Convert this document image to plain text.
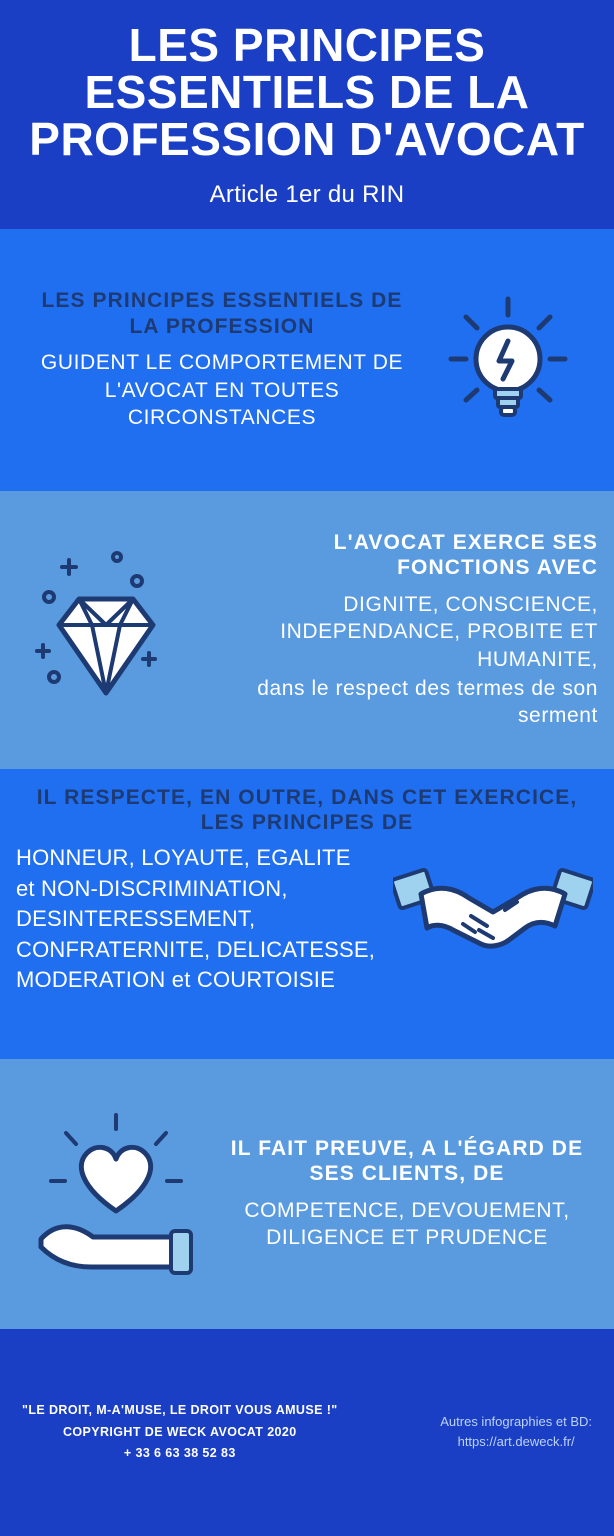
LES PRINCIPES ESSENTIELS DE LA PROFESSION D'AVOCAT
Article 1er du RIN
LES PRINCIPES ESSENTIELS DE LA PROFESSION
GUIDENT LE COMPORTEMENT DE L'AVOCAT EN TOUTES CIRCONSTANCES
L'AVOCAT EXERCE SES FONCTIONS AVEC
DIGNITE, CONSCIENCE, INDEPENDANCE, PROBITE ET HUMANITE,
dans le respect des termes de son serment
IL RESPECTE, EN OUTRE, DANS CET EXERCICE, LES PRINCIPES DE
HONNEUR, LOYAUTE, EGALITE
et NON-DISCRIMINATION,
DESINTERESSEMENT,
CONFRATERNITE, DELICATESSE,
MODERATION et COURTOISIE
IL FAIT PREUVE, A L'ÉGARD DE SES CLIENTS, DE
COMPETENCE, DEVOUEMENT, DILIGENCE ET PRUDENCE
"LE DROIT, M-A'MUSE, LE DROIT VOUS AMUSE !"
COPYRIGHT DE WECK AVOCAT 2020
+ 33 6 63 38 52 83
Autres infographies et BD:
https://art.deweck.fr/
